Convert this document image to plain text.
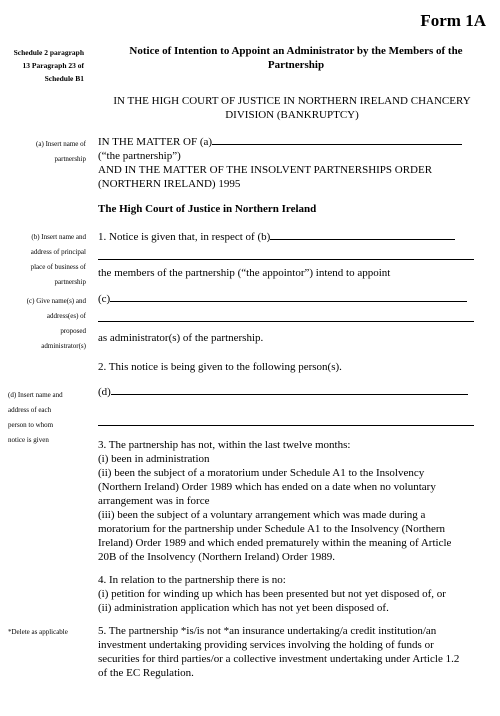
Form 1A
Schedule 2 paragraph
13 Paragraph 23 of
Schedule B1
Notice of Intention to Appoint an Administrator by the Members of the
Partnership
IN THE HIGH COURT OF JUSTICE IN NORTHERN IRELAND CHANCERY
DIVISION (BANKRUPTCY)
(a) Insert name of
partnership
IN THE MATTER OF (a)
(“the partnership”)
AND IN THE MATTER OF THE INSOLVENT PARTNERSHIPS ORDER
(NORTHERN IRELAND) 1995
The High Court of Justice in Northern Ireland
(b) Insert name and
address of principal
place of business of
partnership
1. Notice is given that, in respect of (b)
the members of the partnership (“the appointor”) intend to appoint
(c) Give name(s) and
address(es) of
proposed
administrator(s)
(c)
as administrator(s) of the partnership.
2. This notice is being given to the following person(s).
(d) Insert name and
address of each
person to whom
notice is given
(d)
3. The partnership has not, within the last twelve months:
(i) been in administration
(ii) been the subject of a moratorium under Schedule A1 to the Insolvency
(Northern Ireland) Order 1989 which has ended on a date when no voluntary
arrangement was in force
(iii) been the subject of a voluntary arrangement which was made during a
moratorium for the partnership under Schedule A1 to the Insolvency (Northern
Ireland) Order 1989 and which ended prematurely within the meaning of Article
20B of the Insolvency (Northern Ireland) Order 1989.
4. In relation to the partnership there is no:
(i) petition for winding up which has been presented but not yet disposed of, or
(ii) administration application which has not yet been disposed of.
*Delete as applicable	5. The partnership *is/is not *an insurance undertaking/a credit institution/an
investment undertaking providing services involving the holding of funds or
securities for third parties/or a collective investment undertaking under Article 1.2
of the EC Regulation.
